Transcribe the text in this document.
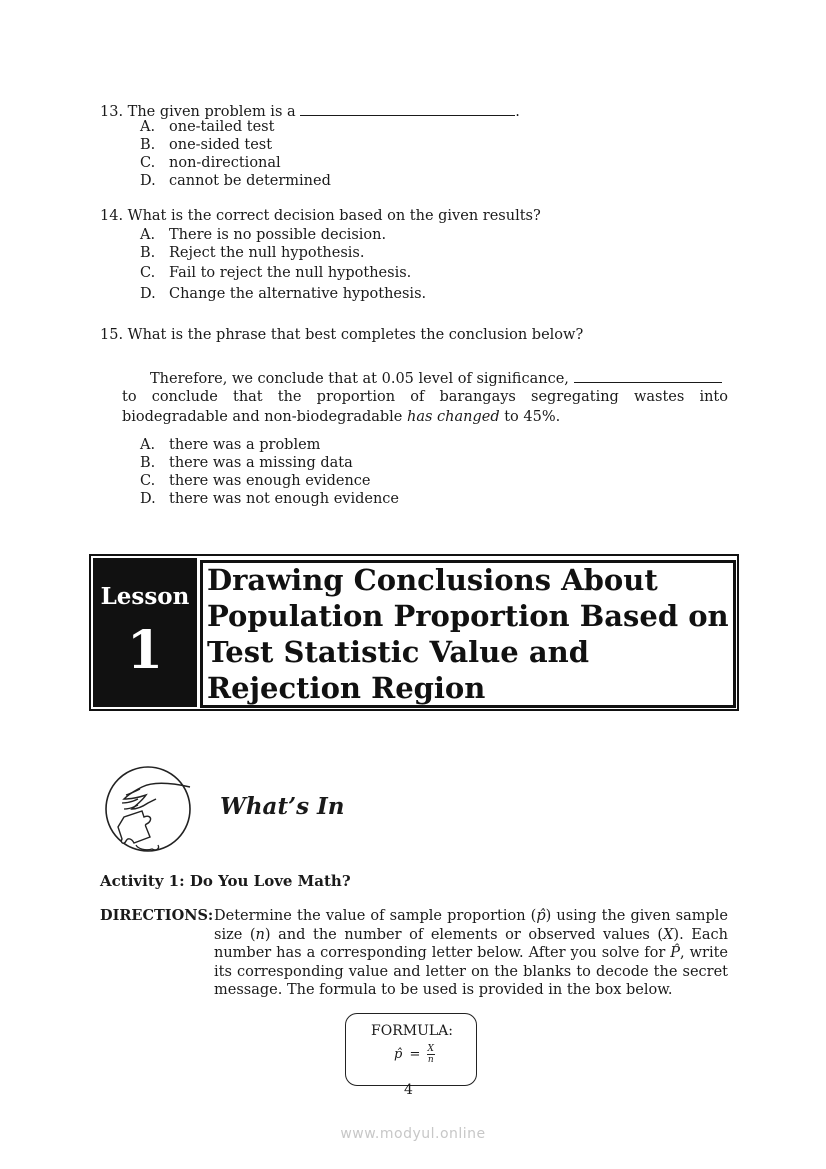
13. The given problem is a	.
A. one-tailed test
B. one-sided test
C. non-directional
D. cannot be determined
14. What is the correct decision based on the given results?
A. There is no possible decision.
B. Reject the null hypothesis.
C. Fail to reject the null hypothesis.
D. Change the alternative hypothesis.
15. What is the phrase that best completes the conclusion below?
Therefore, we conclude that at 0.05 level of significance,
to conclude that the proportion of barangays segregating wastes into biodegradable and non-biodegradable has changed to 45%.
A. there was a problem
B. there was a missing data
C. there was enough evidence
D. there was not enough evidence
Lesson
1
Drawing Conclusions About
Population Proportion Based on
Test Statistic Value and
Rejection Region
What’s In
Activity 1: Do You Love Math?
DIRECTIONS: Determine the value of sample proportion (p̂) using the given sample size (n) and the number of elements or observed values (X). Each number has a corresponding letter below. After you solve for P̂, write its corresponding value and letter on the blanks to decode the secret message. The formula to be used is provided in the box below.
FORMULA:
p̂ = $\frac{X}{n}$
4
www.modyul.online
